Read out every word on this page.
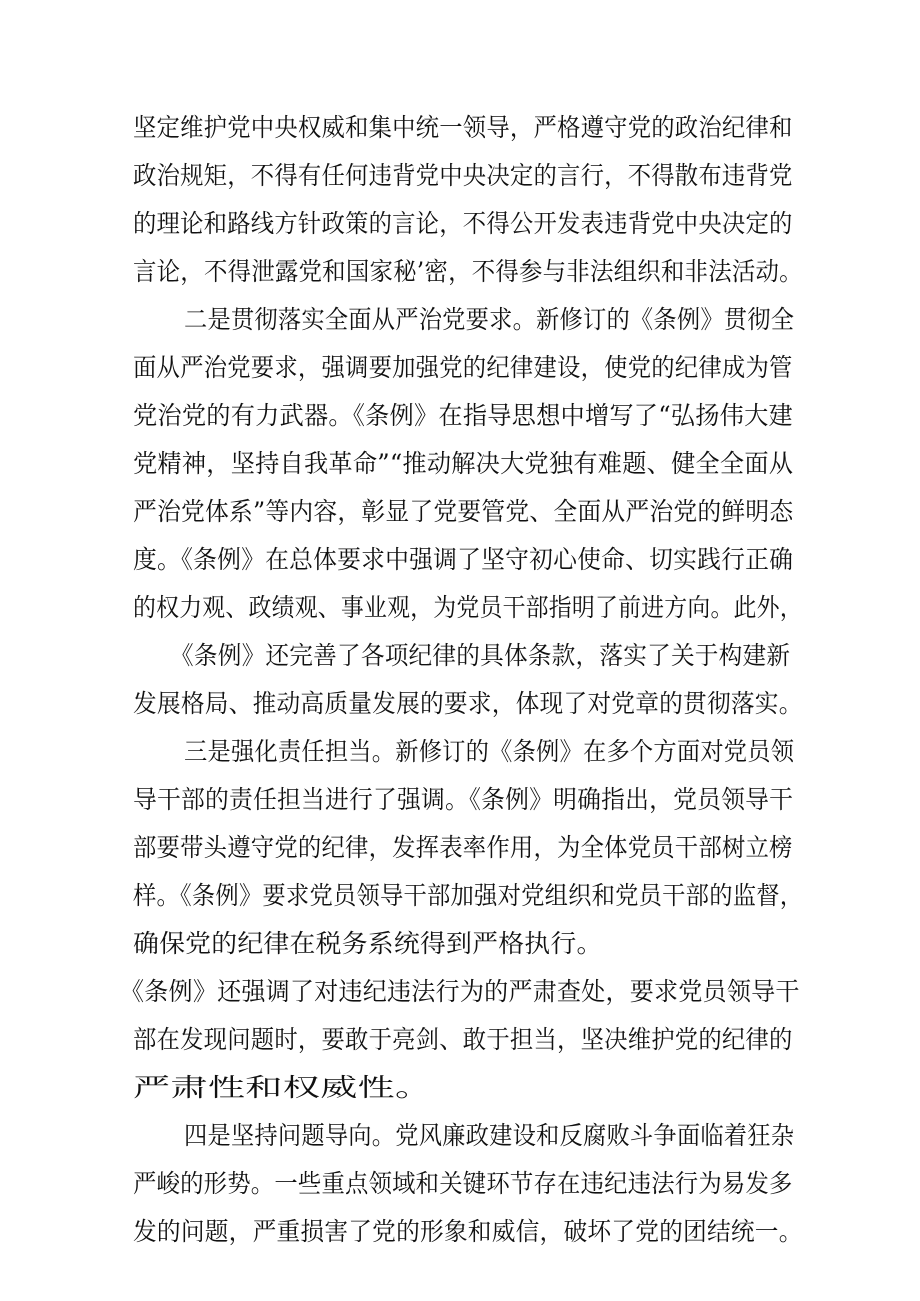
坚定维护党中央权威和集中统一领导，严格遵守党的政治纪律和
政治规矩，不得有任何违背党中央决定的言行，不得散布违背党
的理论和路线方针政策的言论，不得公开发表违背党中央决定的
言论，不得泄露党和国家秘’密，不得参与非法组织和非法活动。
二是贯彻落实全面从严治党要求。新修订的《条例》贯彻全
面从严治党要求，强调要加强党的纪律建设，使党的纪律成为管
党治党的有力武器。《条例》在指导思想中增写了“弘扬伟大建
党精神，坚持自我革命”“推动解决大党独有难题、健全全面从
严治党体系”等内容，彰显了党要管党、全面从严治党的鲜明态
度。《条例》在总体要求中强调了坚守初心使命、切实践行正确
的权力观、政绩观、事业观，为党员干部指明了前进方向。此外，
《条例》还完善了各项纪律的具体条款，落实了关于构建新
发展格局、推动高质量发展的要求，体现了对党章的贯彻落实。
三是强化责任担当。新修订的《条例》在多个方面对党员领
导干部的责任担当进行了强调。《条例》明确指出，党员领导干
部要带头遵守党的纪律，发挥表率作用，为全体党员干部树立榜
样。《条例》要求党员领导干部加强对党组织和党员干部的监督，
确保党的纪律在税务系统得到严格执行。
《条例》还强调了对违纪违法行为的严肃查处，要求党员领导干
部在发现问题时，要敢于亮剑、敢于担当，坚决维护党的纪律的
严肃性和权威性。
四是坚持问题导向。党风廉政建设和反腐败斗争面临着狂杂
严峻的形势。一些重点领域和关键环节存在违纪违法行为易发多
发的问题，严重损害了党的形象和威信，破坏了党的团结统一。
